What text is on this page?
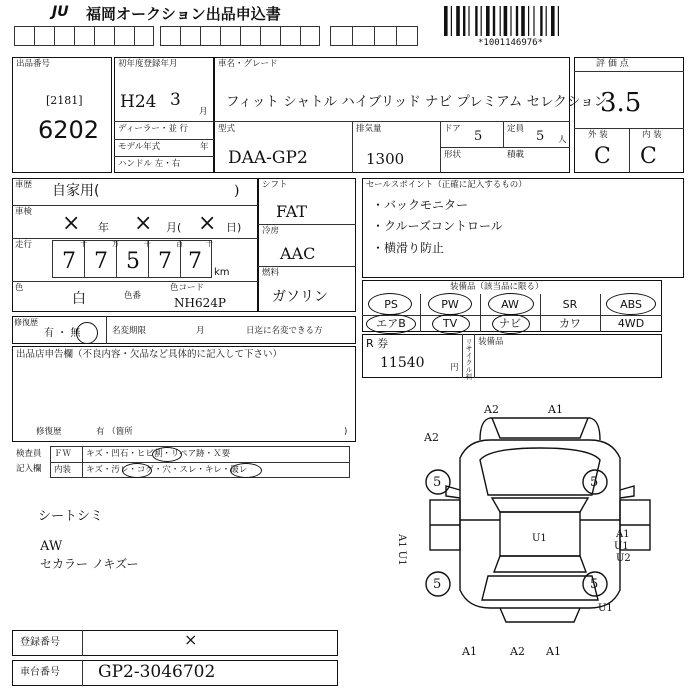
JU 福岡オークション出品申込書
*1001146976*
出品番号
[2181]
6202
初年度登録年月
H24 3
月
ディーラー・並 行
モデル年式	年
ハンドル 左・右
車名・グレード
フィット シャトル ハイブリッド ナビ プレミアム セレクション
型式
DAA-GP2
排気量
1300
ドア 5	定員 5 人
形状	積載
評 価 点
3.5
外 装	内 装
C C
車歴 自家用(	)
車検 × 年 × 月( × 日)
走行	十	万	千	百	十
7 7 5 7 7 km
色
白	色番
色コード
NH624P
シフト
FAT
冷房
AAC
燃料
ガソリン
セールスポイント（正確に記入するもの）
・バックモニター
・クルーズコントロール
・横滑り防止
装備品（該当品に限る）
PS	PW	AW	SR	ABS
エアB	TV	ナビ	カワ	4WD
R 券
11540	円 リサイクル料 装備品
修復歴
有 ・ 無	名変期限	月	日迄に名変できる方
出品店申告欄（不良内容・欠品など具体的に記入して下さい）
修復歴	有 （箇所	)
検査員
記入欄
ＦＷ キズ・凹石・ヒビ割・リペア跡・Ｘ要
内装 キズ・汚レ・コゲ・穴・スレ・キレ・破レ
シートシミ
AW
セカラー ノキズー
A2	A1
A2
5	5
5	5
A1
U1
U2
U1
A1 U1
U1
A1	A2 A1
登録番号	×
車台番号 GP2-3046702
